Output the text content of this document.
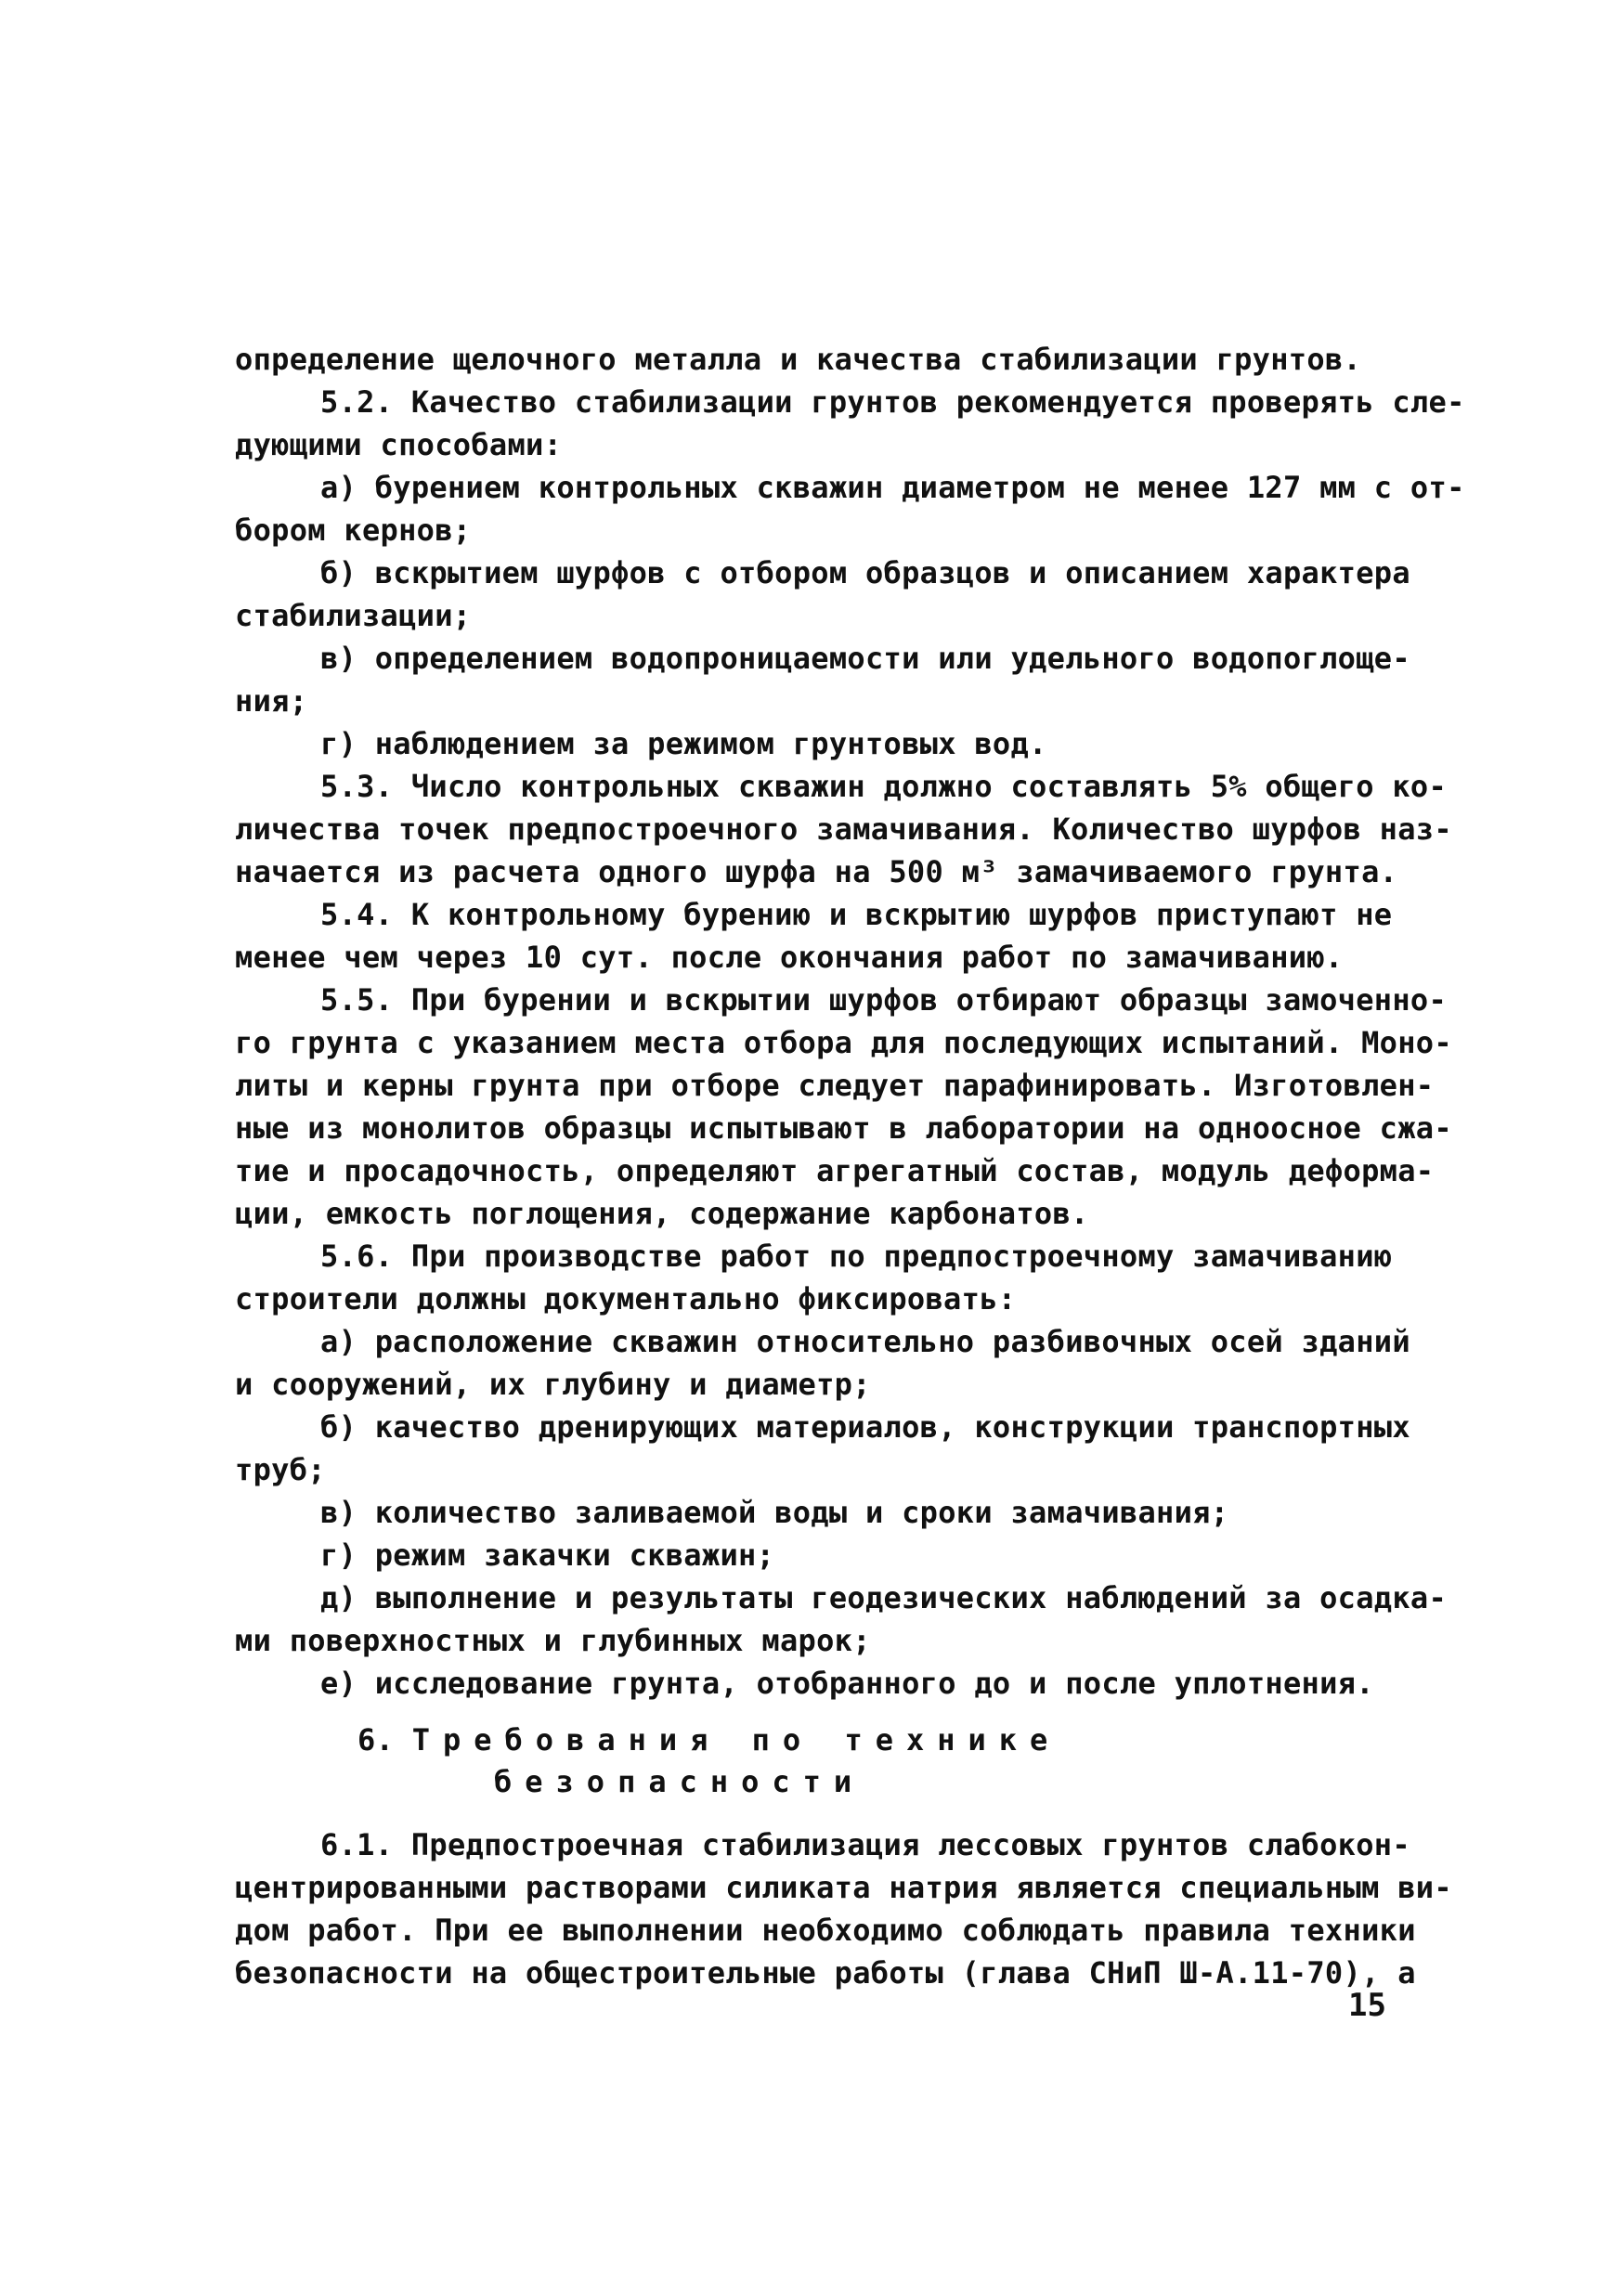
определение щелочного металла и качества стабилизации грунтов.
5.2. Качество стабилизации грунтов рекомендуется проверять сле-
дующими способами:
а) бурением контрольных скважин диаметром не менее 127 мм с от-
бором кернов;
б) вскрытием шурфов с отбором образцов и описанием характера
стабилизации;
в) определением водопроницаемости или удельного водопоглоще-
ния;
г) наблюдением за режимом грунтовых вод.
5.3. Число контрольных скважин должно составлять 5% общего ко-
личества точек предпостроечного замачивания. Количество шурфов наз-
начается из расчета одного шурфа на 500 м³ замачиваемого грунта.
5.4. К контрольному бурению и вскрытию шурфов приступают не
менее чем через 10 сут. после окончания работ по замачиванию.
5.5. При бурении и вскрытии шурфов отбирают образцы замоченно-
го грунта с указанием места отбора для последующих испытаний. Моно-
литы и керны грунта при отборе следует парафинировать. Изготовлен-
ные из монолитов образцы испытывают в лаборатории на одноосное сжа-
тие и просадочность, определяют агрегатный состав, модуль деформа-
ции, емкость поглощения, содержание карбонатов.
5.6. При производстве работ по предпостроечному замачиванию
строители должны документально фиксировать:
а) расположение скважин относительно разбивочных осей зданий
и сооружений, их глубину и диаметр;
б) качество дренирующих материалов, конструкции транспортных
труб;
в) количество заливаемой воды и сроки замачивания;
г) режим закачки скважин;
д) выполнение и результаты геодезических наблюдений за осадка-
ми поверхностных и глубинных марок;
е) исследование грунта, отобранного до и после уплотнения.
6. Требования по технике
безопасности
6.1. Предпостроечная стабилизация лессовых грунтов слабокон-
центрированными растворами силиката натрия является специальным ви-
дом работ. При ее выполнении необходимо соблюдать правила техники
безопасности на общестроительные работы (глава СНиП Ш-А.11-70), а
15
